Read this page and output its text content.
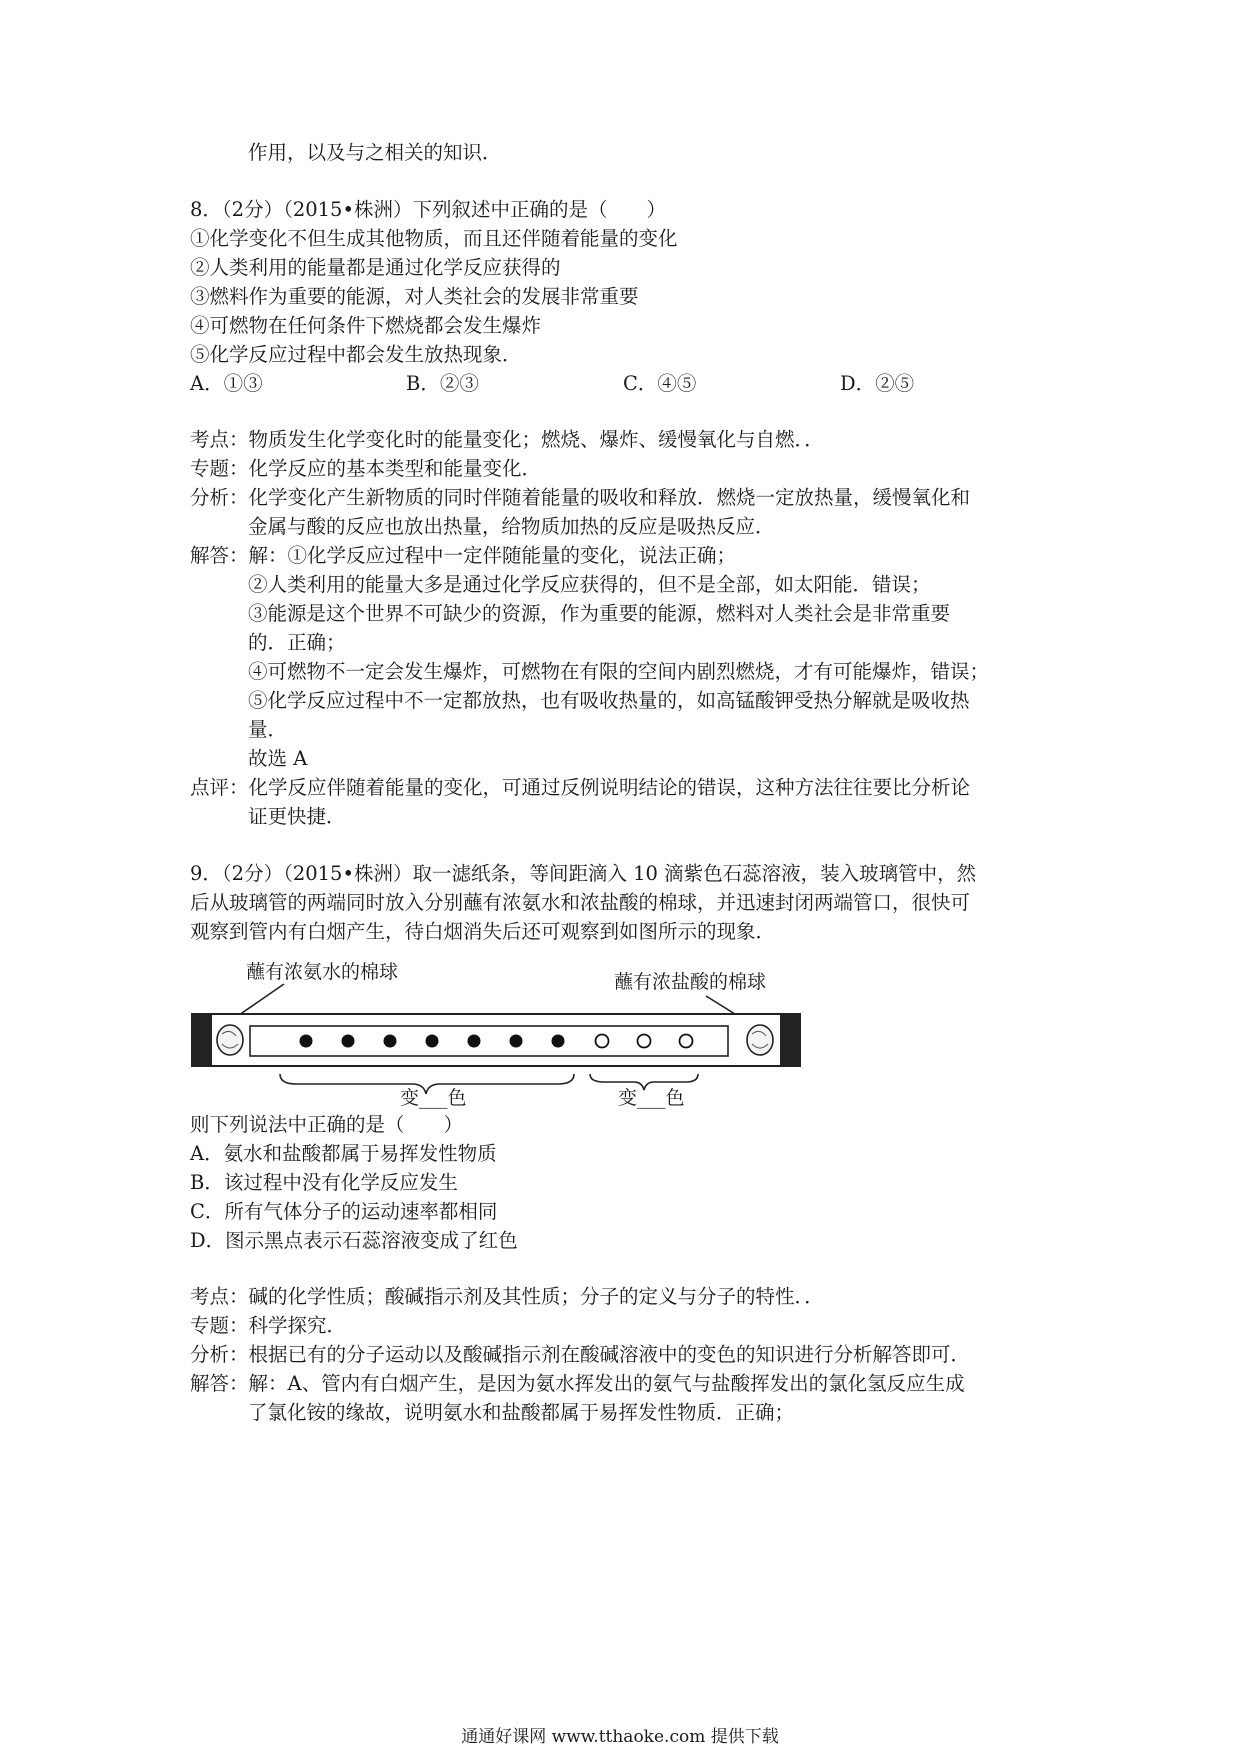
作用，以及与之相关的知识．
8．（2分）（2015•株洲）下列叙述中正确的是（　　）
①化学变化不但生成其他物质，而且还伴随着能量的变化
②人类利用的能量都是通过化学反应获得的
③燃料作为重要的能源，对人类社会的发展非常重要
④可燃物在任何条件下燃烧都会发生爆炸
⑤化学反应过程中都会发生放热现象．
A．①③	B．②③	C．④⑤	D．②⑤
考点：物质发生化学变化时的能量变化；燃烧、爆炸、缓慢氧化与自燃．．
专题：化学反应的基本类型和能量变化．
分析：化学变化产生新物质的同时伴随着能量的吸收和释放．燃烧一定放热量，缓慢氧化和
金属与酸的反应也放出热量，给物质加热的反应是吸热反应．
解答：解：①化学反应过程中一定伴随能量的变化，说法正确；
②人类利用的能量大多是通过化学反应获得的，但不是全部，如太阳能．错误；
③能源是这个世界不可缺少的资源，作为重要的能源，燃料对人类社会是非常重要
的．正确；
④可燃物不一定会发生爆炸，可燃物在有限的空间内剧烈燃烧，才有可能爆炸，错误；
⑤化学反应过程中不一定都放热，也有吸收热量的，如高锰酸钾受热分解就是吸收热
量．
故选 A
点评：化学反应伴随着能量的变化，可通过反例说明结论的错误，这种方法往往要比分析论
证更快捷．
9．（2分）（2015•株洲）取一滤纸条，等间距滴入 10 滴紫色石蕊溶液，装入玻璃管中，然
后从玻璃管的两端同时放入分别蘸有浓氨水和浓盐酸的棉球，并迅速封闭两端管口，很快可
观察到管内有白烟产生，待白烟消失后还可观察到如图所示的现象．
蘸有浓氨水的棉球	蘸有浓盐酸的棉球
变___色	变___色
则下列说法中正确的是（　　）
A．氨水和盐酸都属于易挥发性物质
B．该过程中没有化学反应发生
C．所有气体分子的运动速率都相同
D．图示黑点表示石蕊溶液变成了红色
考点：碱的化学性质；酸碱指示剂及其性质；分子的定义与分子的特性．．
专题：科学探究．
分析：根据已有的分子运动以及酸碱指示剂在酸碱溶液中的变色的知识进行分析解答即可．
解答：解：A、管内有白烟产生，是因为氨水挥发出的氨气与盐酸挥发出的氯化氢反应生成
了氯化铵的缘故，说明氨水和盐酸都属于易挥发性物质．正确；
通通好课网 www.tthaoke.com 提供下载
